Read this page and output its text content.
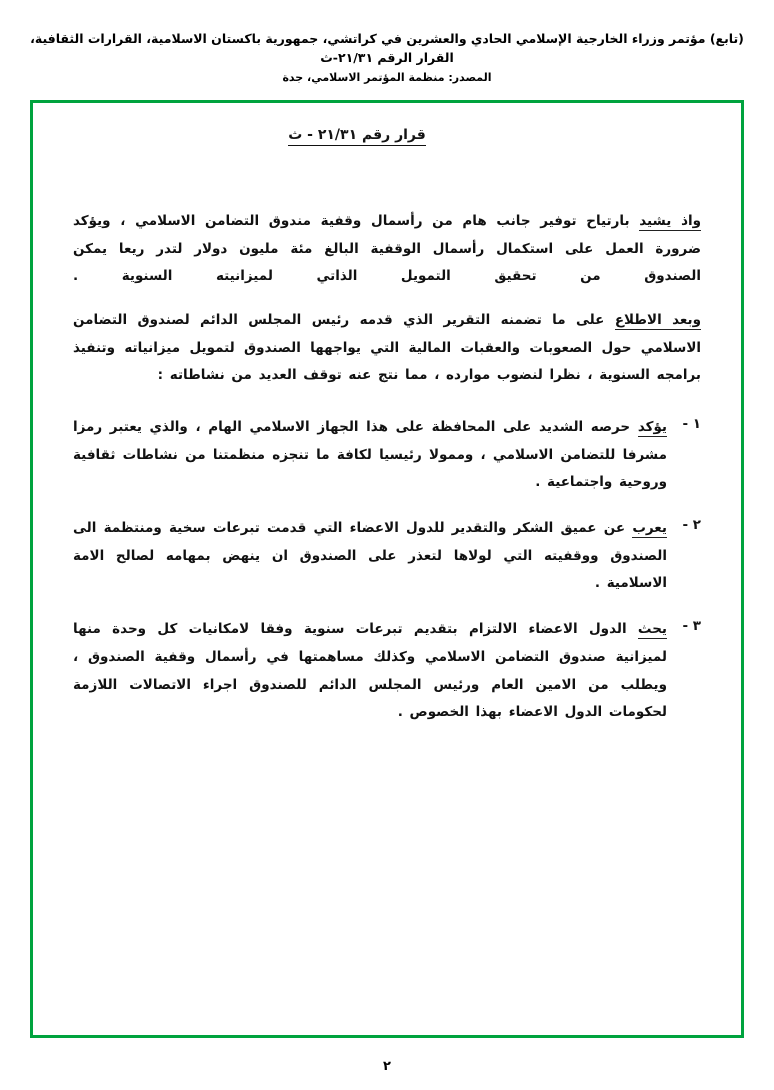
(تابع) مؤتمر وزراء الخارجية الإسلامي الحادي والعشرين في كراتشي، جمهورية باكستان الاسلامية، القرارات الثقافية، القرار الرقم ٢١/٣١-ث
المصدر: منظمة المؤتمر الاسلامي، جدة
قرار رقم ٢١/٣١ - ث

واذ يشيد بارتياح توفير جانب هام من رأسمال وقفية مندوق التضامن الاسلامي ، ويؤكد ضرورة العمل على استكمال رأسمال الوقفية البالغ مئة مليون دولار لتدر ريعا يمكن الصندوق من تحقيق التمويل الذاتي لميزانيته السنوية .

وبعد الاطلاع على ما تضمنه التقرير الذي قدمه رئيس المجلس الدائم لصندوق التضامن الاسلامي حول الصعوبات والعقبات المالية التي يواجهها الصندوق لتمويل ميزانياته وتنفيذ برامجه السنوية ، نظرا لنضوب موارده ، مما نتج عنه توقف العديد من نشاطاته :

١ -
يؤكد حرصه الشديد على المحافظة على هذا الجهاز الاسلامي الهام ، والذي يعتبر رمزا مشرفا للتضامن الاسلامي ، ومموﻻ رئيسيا لكافة ما تنجزه منظمتنا من نشاطات ثقافية وروحية واجتماعية .
٢ -
يعرب عن عميق الشكر والتقدير للدول الاعضاء التي قدمت تبرعات سخية ومنتظمة الى الصندوق ووقفيته التي لوﻻها لتعذر على الصندوق ان ينهض بمهامه لصالح اﻻمة اﻻسلامية .
٣ -
يحث الدول اﻻعضاء اﻻلتزام بتقديم تبرعات سنوية وفقا لامكانيات كل وحدة منها لميزانية صندوق التضامن اﻻسلامي وكذلك مساهمتها في رأسمال وقفية الصندوق ، ويطلب من اﻻمين العام ورئيس المجلس الدائم للصندوق اجراء اﻻتصاﻻت اللازمة لحكومات الدول اﻻعضاء بهذا الخصوص .
٢
